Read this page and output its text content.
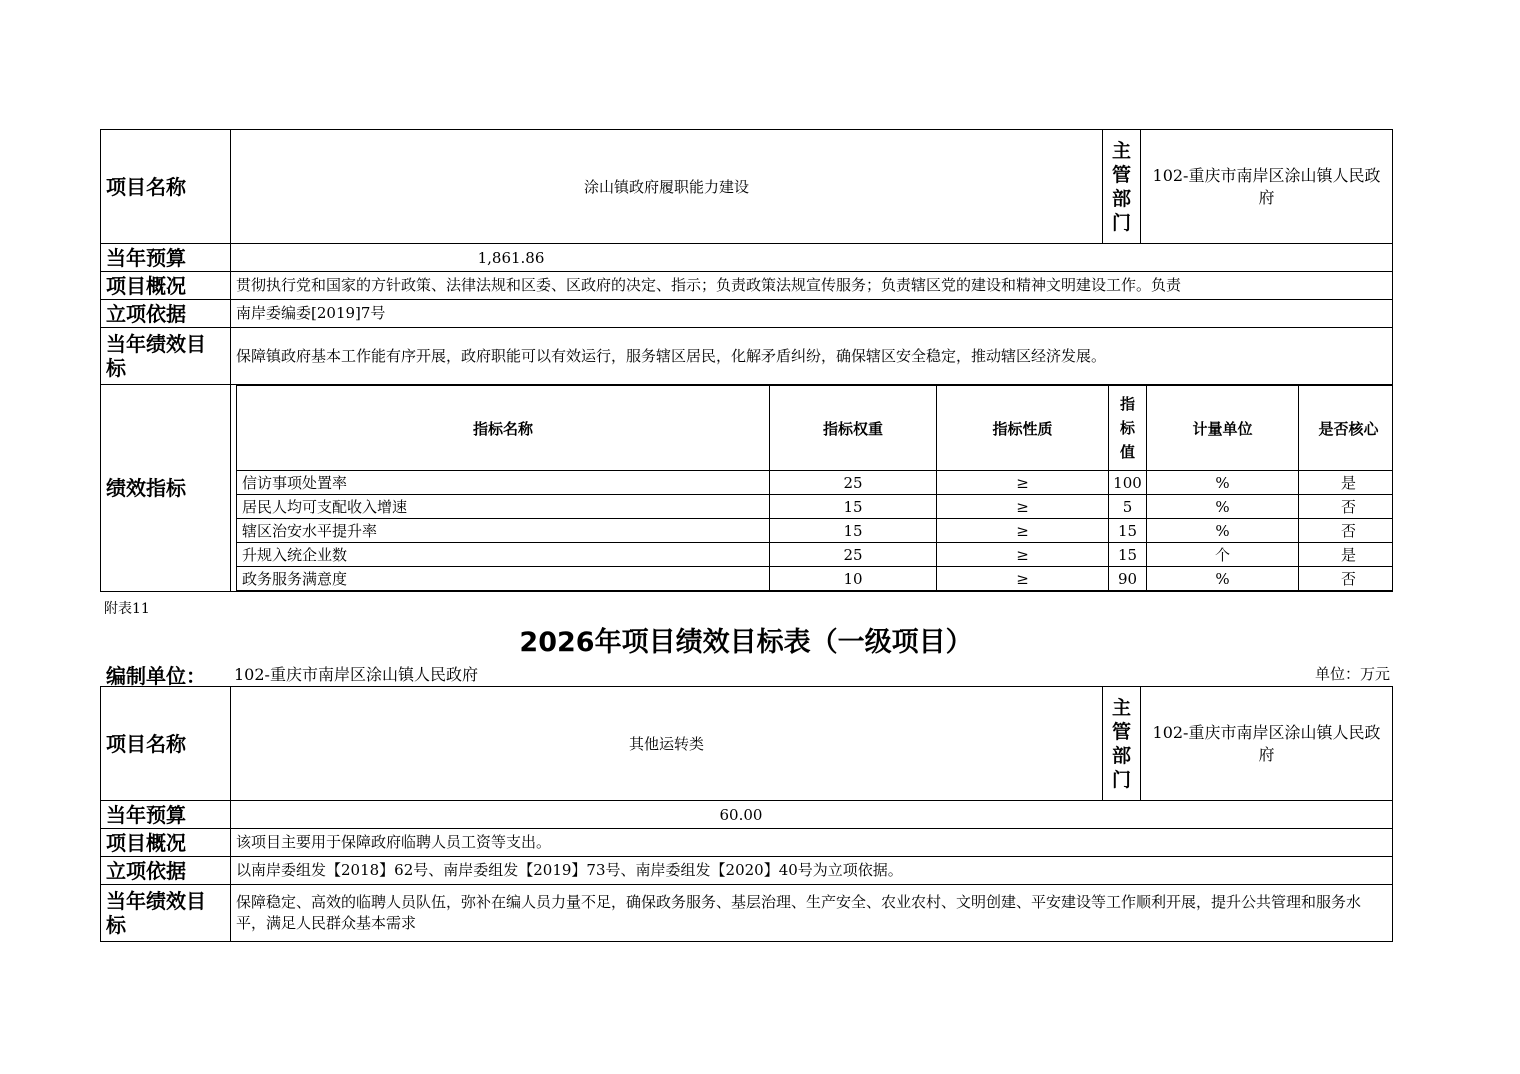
项目名称	涂山镇政府履职能力建设	主
管
部
门	102-重庆市南岸区涂山镇人民政府
当年预算	1,861.86

项目概况	贯彻执行党和国家的方针政策、法律法规和区委、区政府的决定、指示；负责政策法规宣传服务；负责辖区党的建设和精神文明建设工作。负责

立项依据	南岸委编委[2019]7号
当年绩效目标	保障镇政府基本工作能有序开展，政府职能可以有效运行，服务辖区居民，化解矛盾纠纷，确保辖区安全稳定，推动辖区经济发展。
绩效指标	
指标名称	指标权重	指标性质	指
标
值	计量单位	是否核心
信访事项处置率	25	≥	100	%	是
居民人均可支配收入增速	15	≥	5	%	否
辖区治安水平提升率	15	≥	15	%	否
升规入统企业数	25	≥	15	个	是
政务服务满意度	10	≥	90	%	否
附表11
2026年项目绩效目标表（一级项目）
编制单位： 102-重庆市南岸区涂山镇人民政府	单位：万元
项目名称	其他运转类	主
管
部
门	102-重庆市南岸区涂山镇人民政府
当年预算	60.00		

项目概况	该项目主要用于保障政府临聘人员工资等支出。		
立项依据	以南岸委组发【2018】62号、南岸委组发【2019】73号、南岸委组发【2020】40号为立项依据。		
当年绩效目标	保障稳定、高效的临聘人员队伍，弥补在编人员力量不足，确保政务服务、基层治理、生产安全、农业农村、文明创建、平安建设等工作顺利开展，提升公共管理和服务水平，满足人民群众基本需求		
